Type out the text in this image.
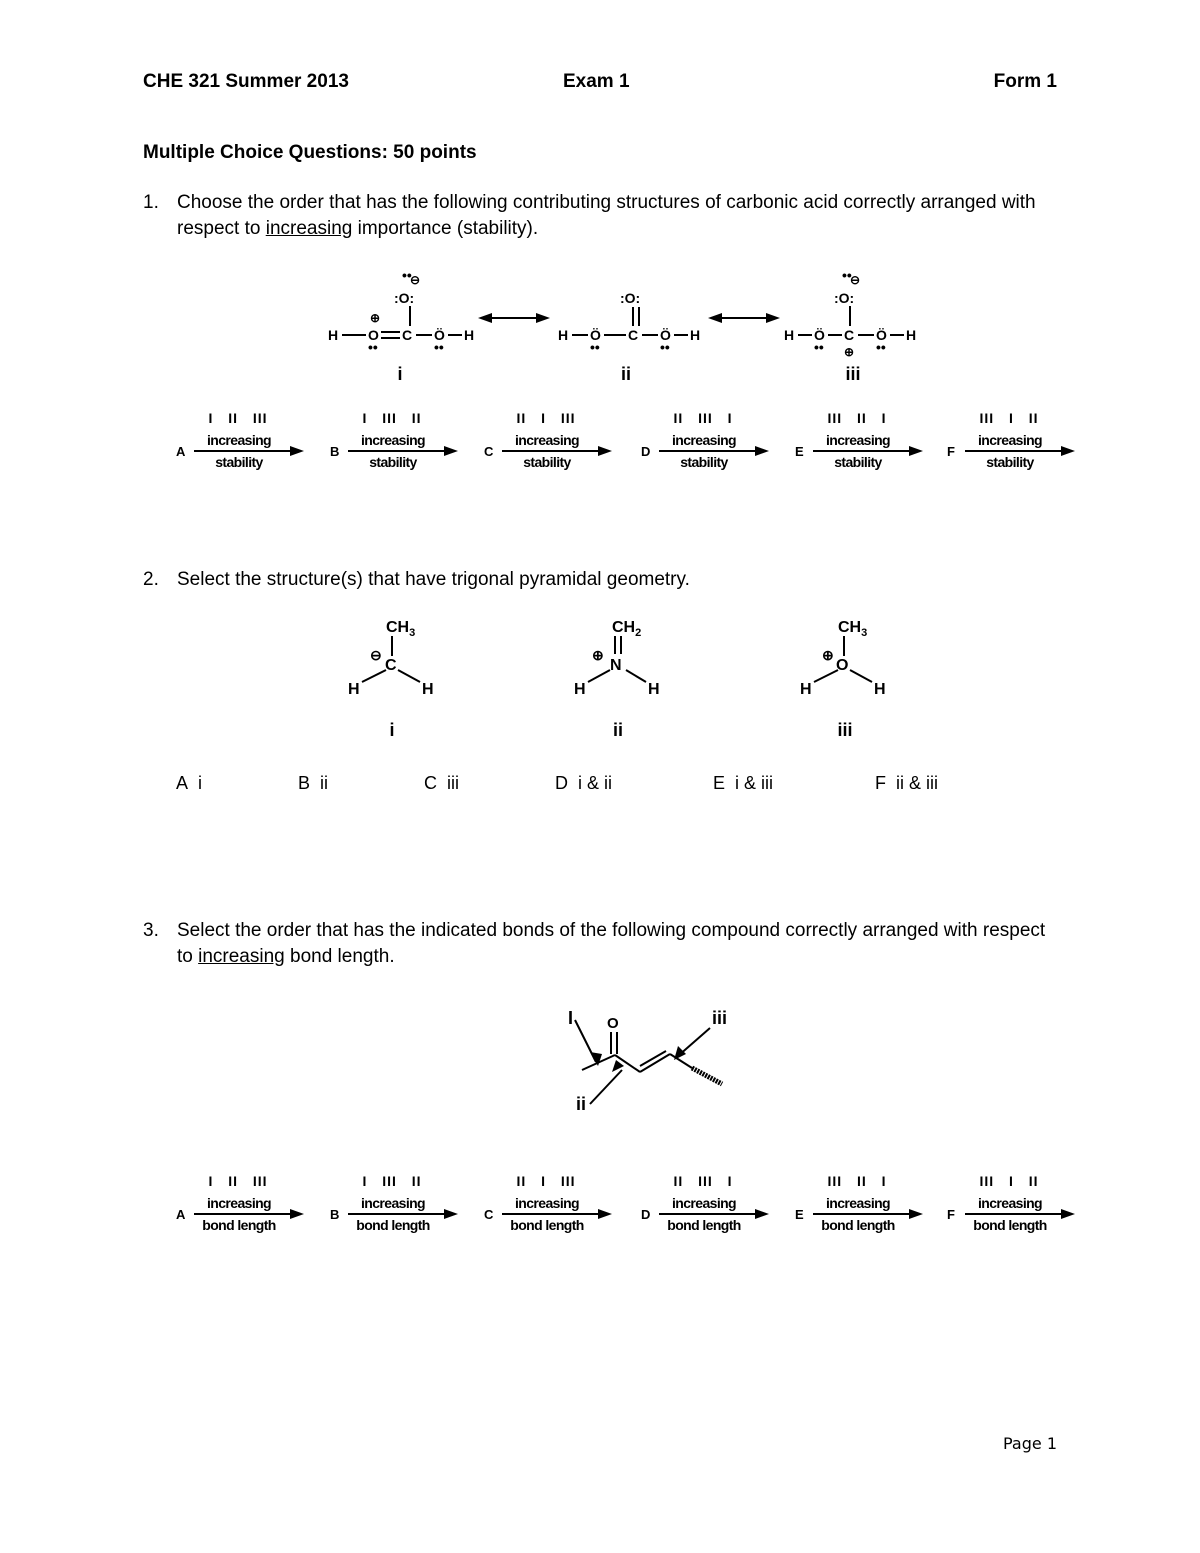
CHE 321 Summer 2013	Exam 1	Form 1
Multiple Choice Questions: 50 points
1. Choose the order that has the following contributing structures of carbonic acid correctly arranged with respect to increasing importance (stability).
••
⊖
:O:
⊕
H O C Ö
••
••
H
:O:
H Ö
••
C Ö
••
H
••
⊖
:O:
H Ö
••
C
⊕
Ö
••
H
i	ii	iii
I II III
A
increasing
stability
I III II
B
increasing
stability
II I III
C
increasing
stability
II III I
D
increasing
stability
III II I
E
increasing
stability
III I II
F
increasing
stability
2. Select the structure(s) that have trigonal pyramidal geometry.
$CH_3$
⊖
C
H	H
$CH_2$
⊕
N
H	H
$CH_3$
⊕
O
H	H
i	ii	iii
A i	B ii	C iii	D i & ii	E i & iii	F ii & iii
3. Select the order that has the indicated bonds of the following compound correctly arranged with respect to increasing bond length.
O
I
ii
iii
I II III
A
increasing
bond length
I III II
B
increasing
bond length
II I III
C
increasing
bond length
II III I
D
increasing
bond length
III II I
E
increasing
bond length
III I II
F
increasing
bond length
Page 1
